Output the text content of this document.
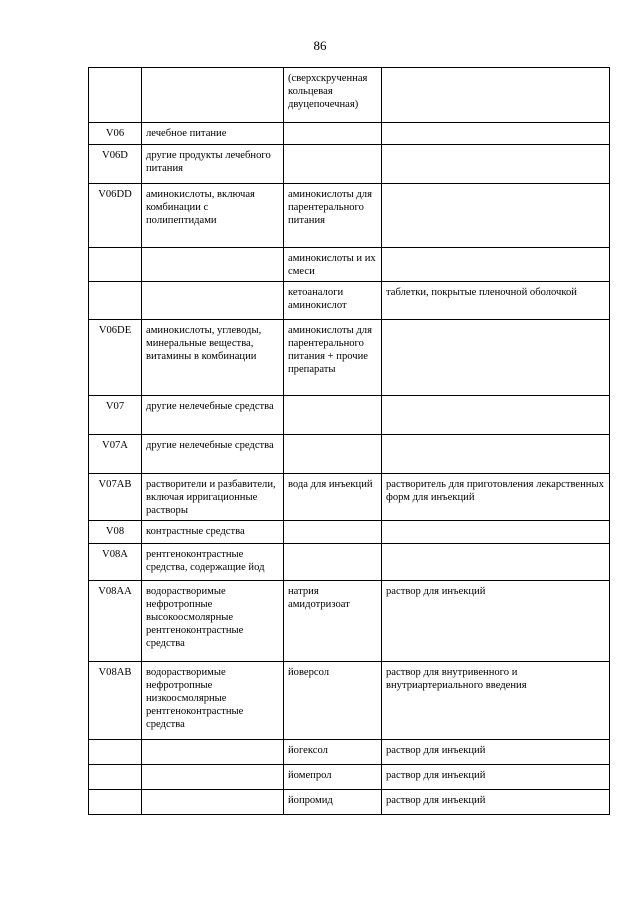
86
		(сверхскрученная кольцевая двуцепочечная)	
V06	лечебное питание		
V06D	другие продукты лечебного питания		
V06DD	аминокислоты, включая комбинации с полипептидами	аминокислоты для парентерального питания	
		аминокислоты и их смеси	
		кетоаналоги аминокислот	таблетки, покрытые пленочной оболочкой
V06DE	аминокислоты, углеводы, минеральные вещества, витамины в комбинации	аминокислоты для парентерального питания + прочие препараты	
V07	другие нелечебные средства		
V07A	другие нелечебные средства		
V07AB	растворители и разбавители, включая ирригационные растворы	вода для инъекций	растворитель для приготовления лекарственных форм для инъекций
V08	контрастные средства		
V08A	рентгеноконтрастные средства, содержащие йод		
V08AA	водорастворимые нефротропные высокоосмолярные рентгеноконтрастные средства	натрия амидотризоат	раствор для инъекций
V08AB	водорастворимые нефротропные низкоосмолярные рентгеноконтрастные средства	йоверсол	раствор для внутривенного и внутриартериального введения
		йогексол	раствор для инъекций
		йомепрол	раствор для инъекций
		йопромид	раствор для инъекций
